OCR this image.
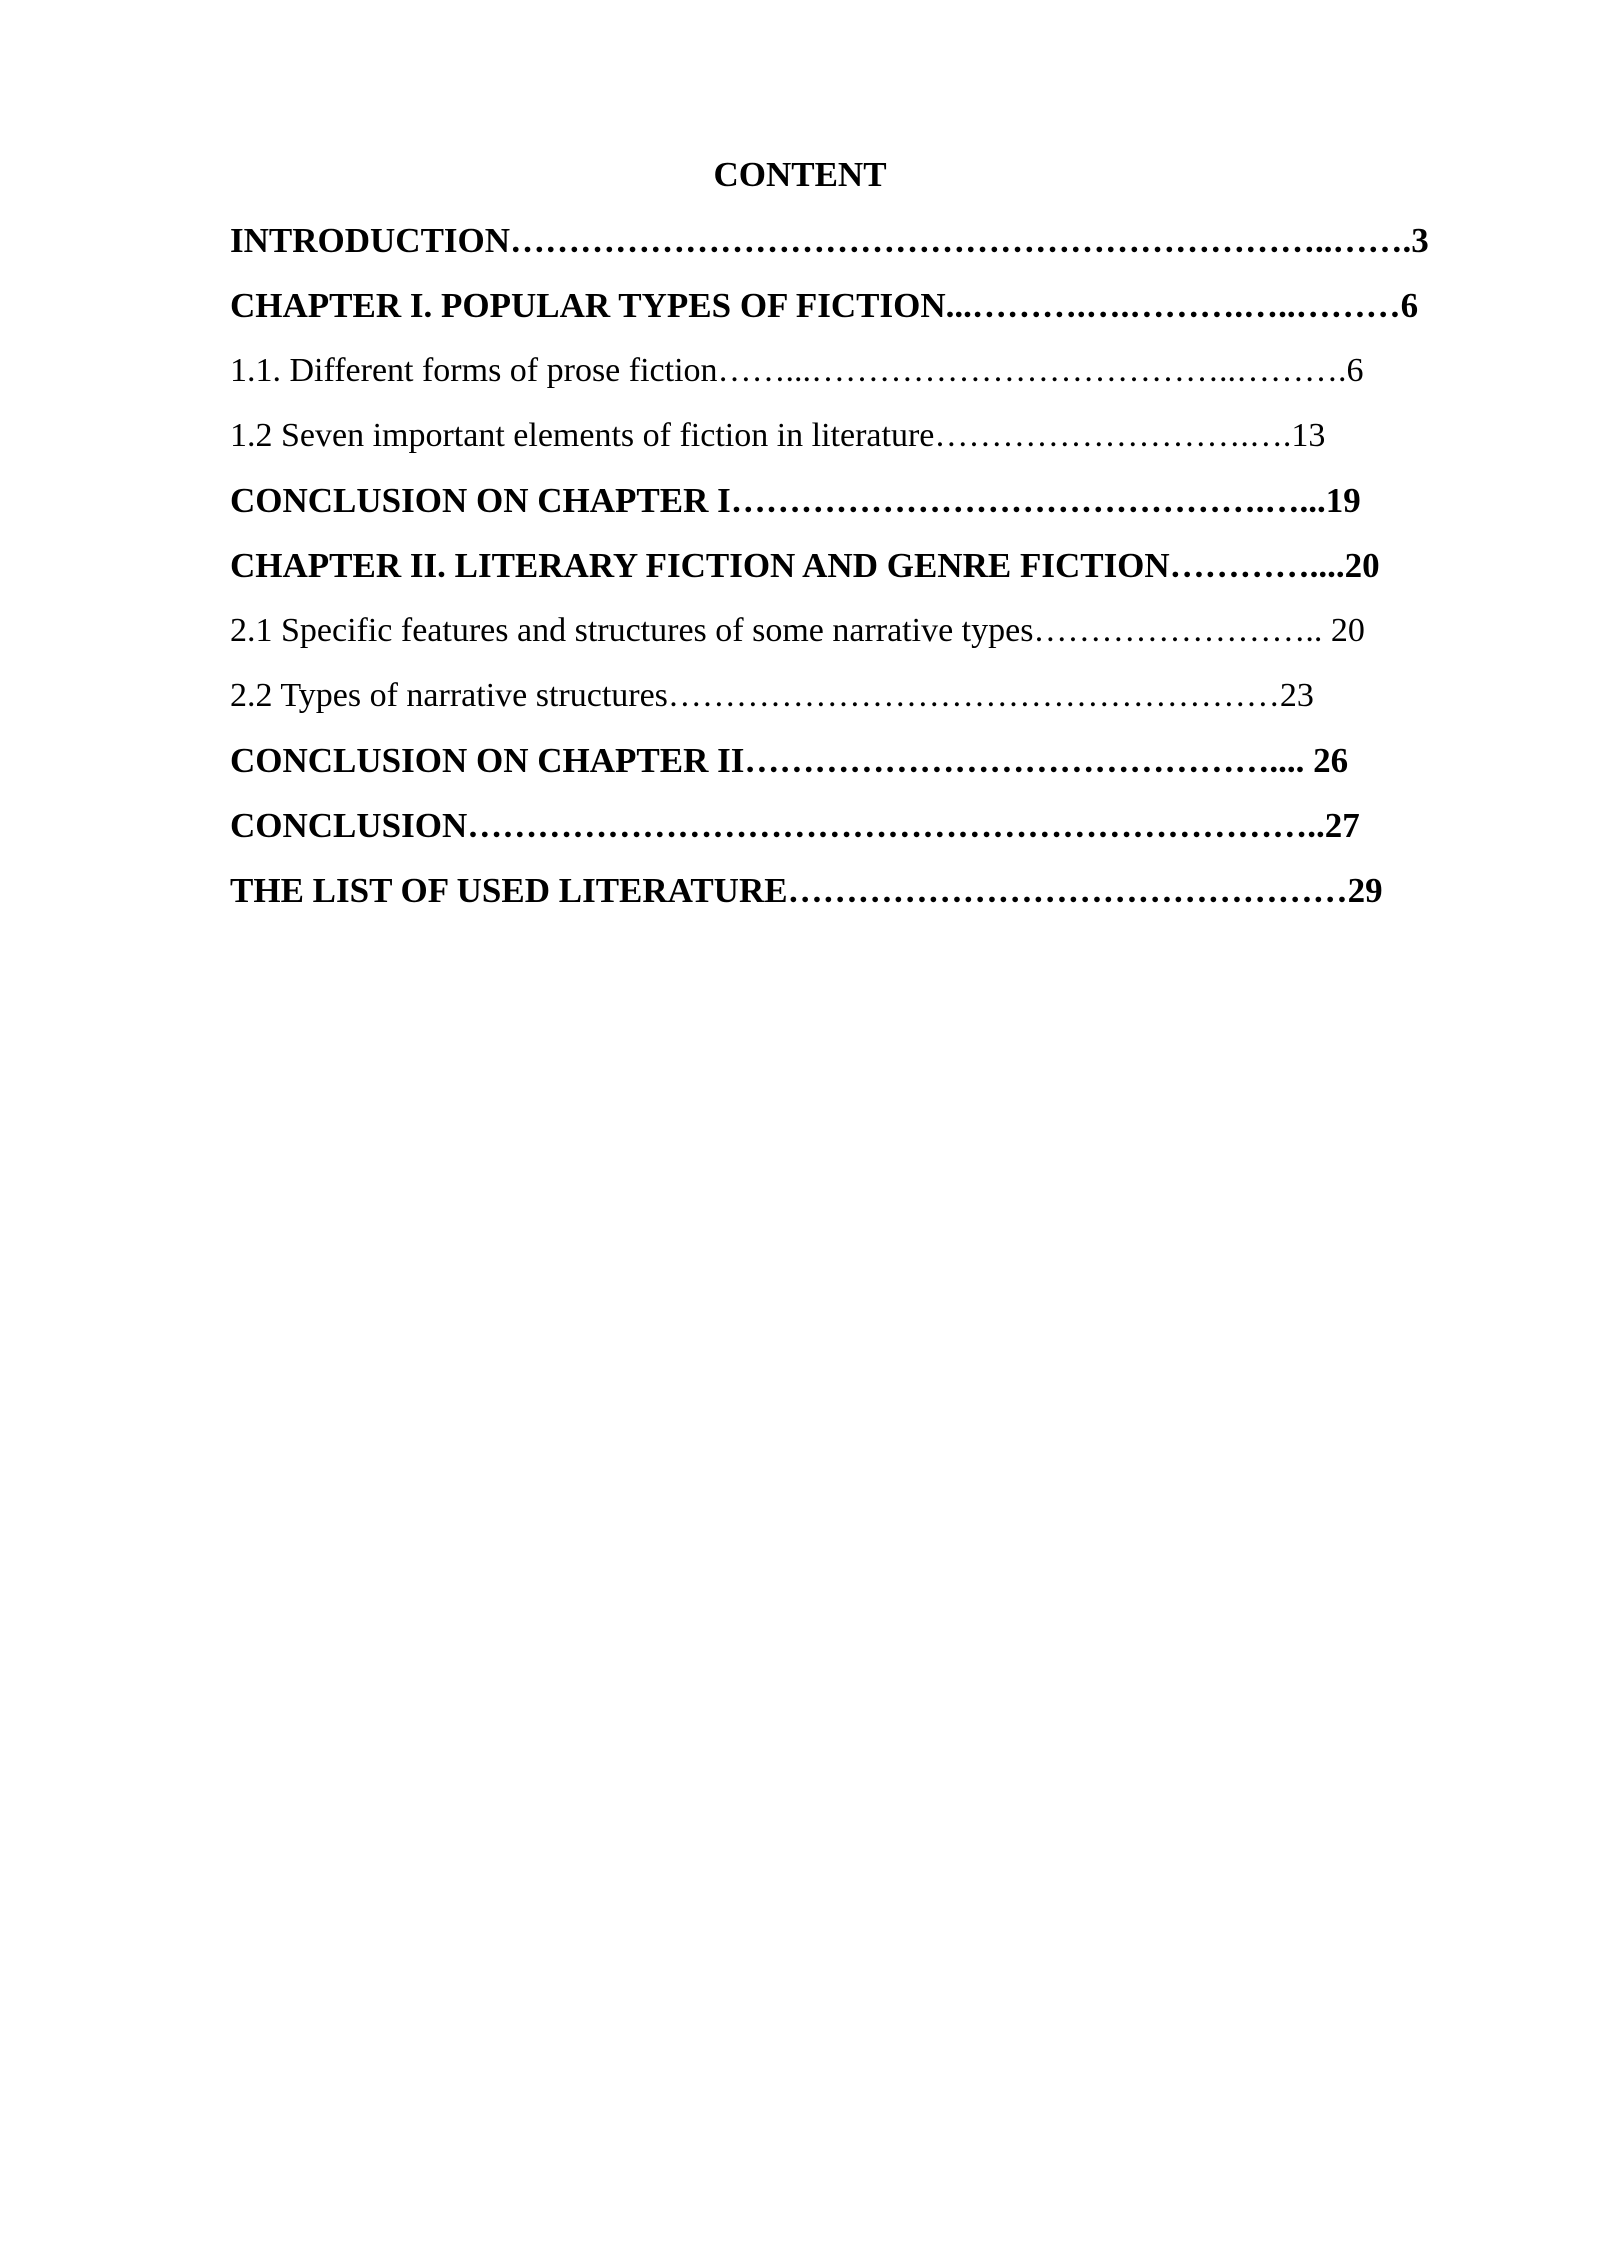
CONTENT
INTRODUCTION……………………………………………………………..…….3
CHAPTER I. POPULAR TYPES OF FICTION...……….….……….…..………6
1.1. Different forms of prose fiction……...………………………………..……….6
1.2 Seven important elements of fiction in literature……………………….….13
CONCLUSION ON CHAPTER I……………………………………….…...19
CHAPTER II. LITERARY FICTION AND GENRE FICTION…………....20
2.1 Specific features and structures of some narrative types…………………….. 20
2.2 Types of narrative structures………………………………………………23
CONCLUSION ON CHAPTER II……………………………………….... 26
CONCLUSION………………………………………………………………..27
THE LIST OF USED LITERATURE…………………………………………29
